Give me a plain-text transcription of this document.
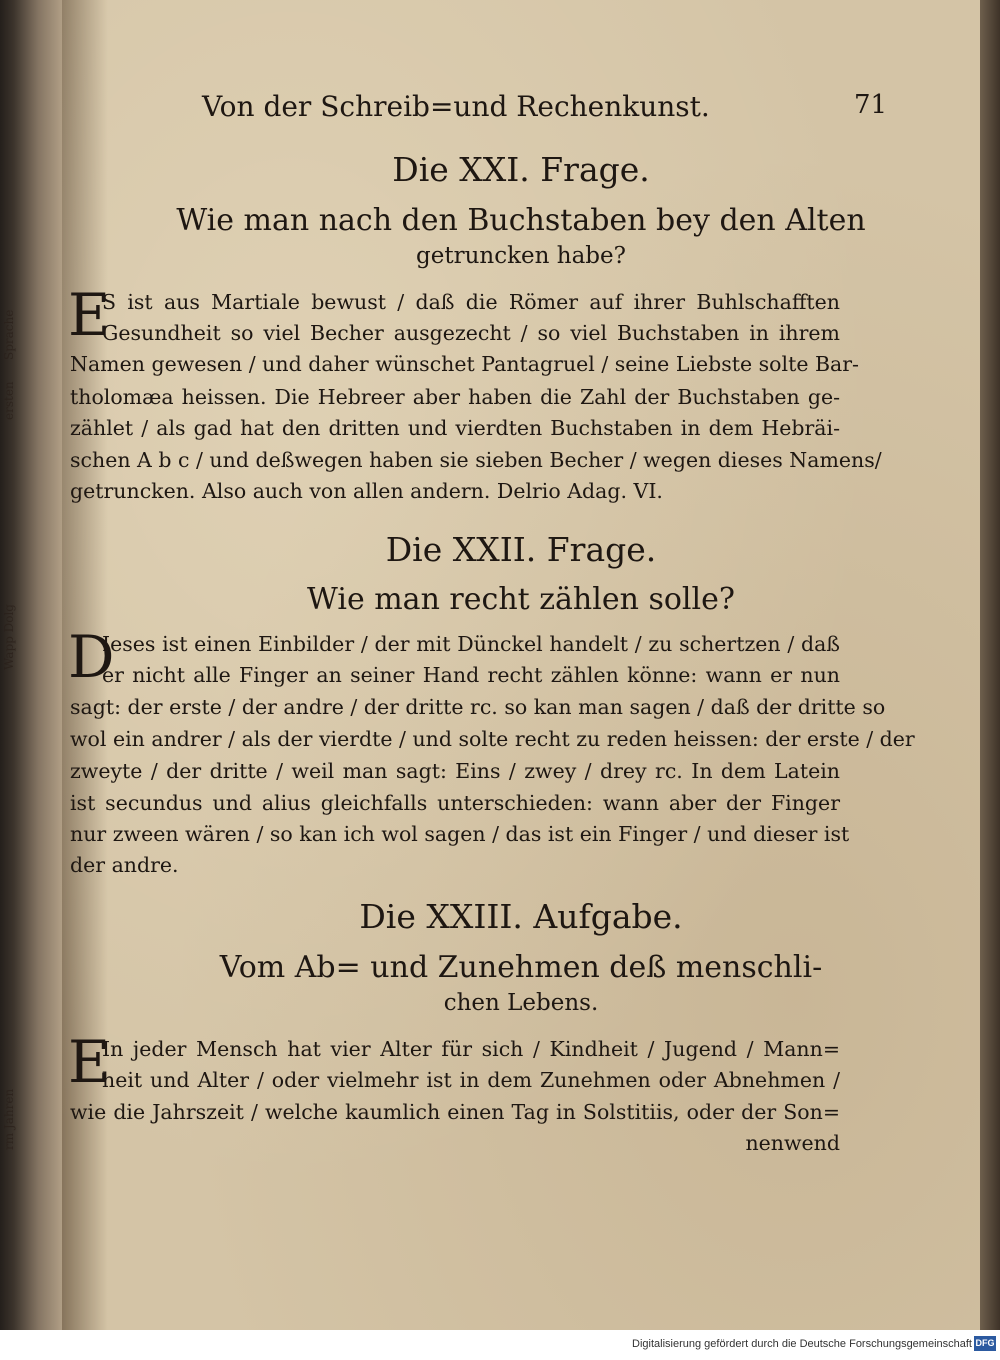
Sprache
ersten
Wapp Dolg
rm Jahren
Von der Schreib=und Rechenkunst.	71
Die XXI. Frage.
Wie man nach den Buchstaben bey den Alten
getruncken habe?
E
S ist aus Martiale bewust / daß die Römer auf ihrer Buhlschafften
Gesundheit so viel Becher ausgezecht / so viel Buchstaben in ihrem
Namen gewesen / und daher wünschet Pantagruel / seine Liebste solte Bar-
tholomæa heissen. Die Hebreer aber haben die Zahl der Buchstaben ge-
zählet / als gad hat den dritten und vierdten Buchstaben in dem Hebräi-
schen A b c / und deßwegen haben sie sieben Becher / wegen dieses Namens/
getruncken. Also auch von allen andern. Delrio Adag. VI.
Die XXII. Frage.
Wie man recht zählen solle?
D
Ieses ist einen Einbilder / der mit Dünckel handelt / zu schertzen / daß
er nicht alle Finger an seiner Hand recht zählen könne: wann er nun
sagt: der erste / der andre / der dritte rc. so kan man sagen / daß der dritte so
wol ein andrer / als der vierdte / und solte recht zu reden heissen: der erste / der
zweyte / der dritte / weil man sagt: Eins / zwey / drey rc. In dem Latein
ist secundus und alius gleichfalls unterschieden: wann aber der Finger
nur zween wären / so kan ich wol sagen / das ist ein Finger / und dieser ist
der andre.
Die XXIII. Aufgabe.
Vom Ab= und Zunehmen deß menschli-
chen Lebens.
E
In jeder Mensch hat vier Alter für sich / Kindheit / Jugend / Mann=
heit und Alter / oder vielmehr ist in dem Zunehmen oder Abnehmen /
wie die Jahrszeit / welche kaumlich einen Tag in Solstitiis, oder der Son=
nenwend
Digitalisierung gefördert durch die Deutsche Forschungsgemeinschaft DFG
